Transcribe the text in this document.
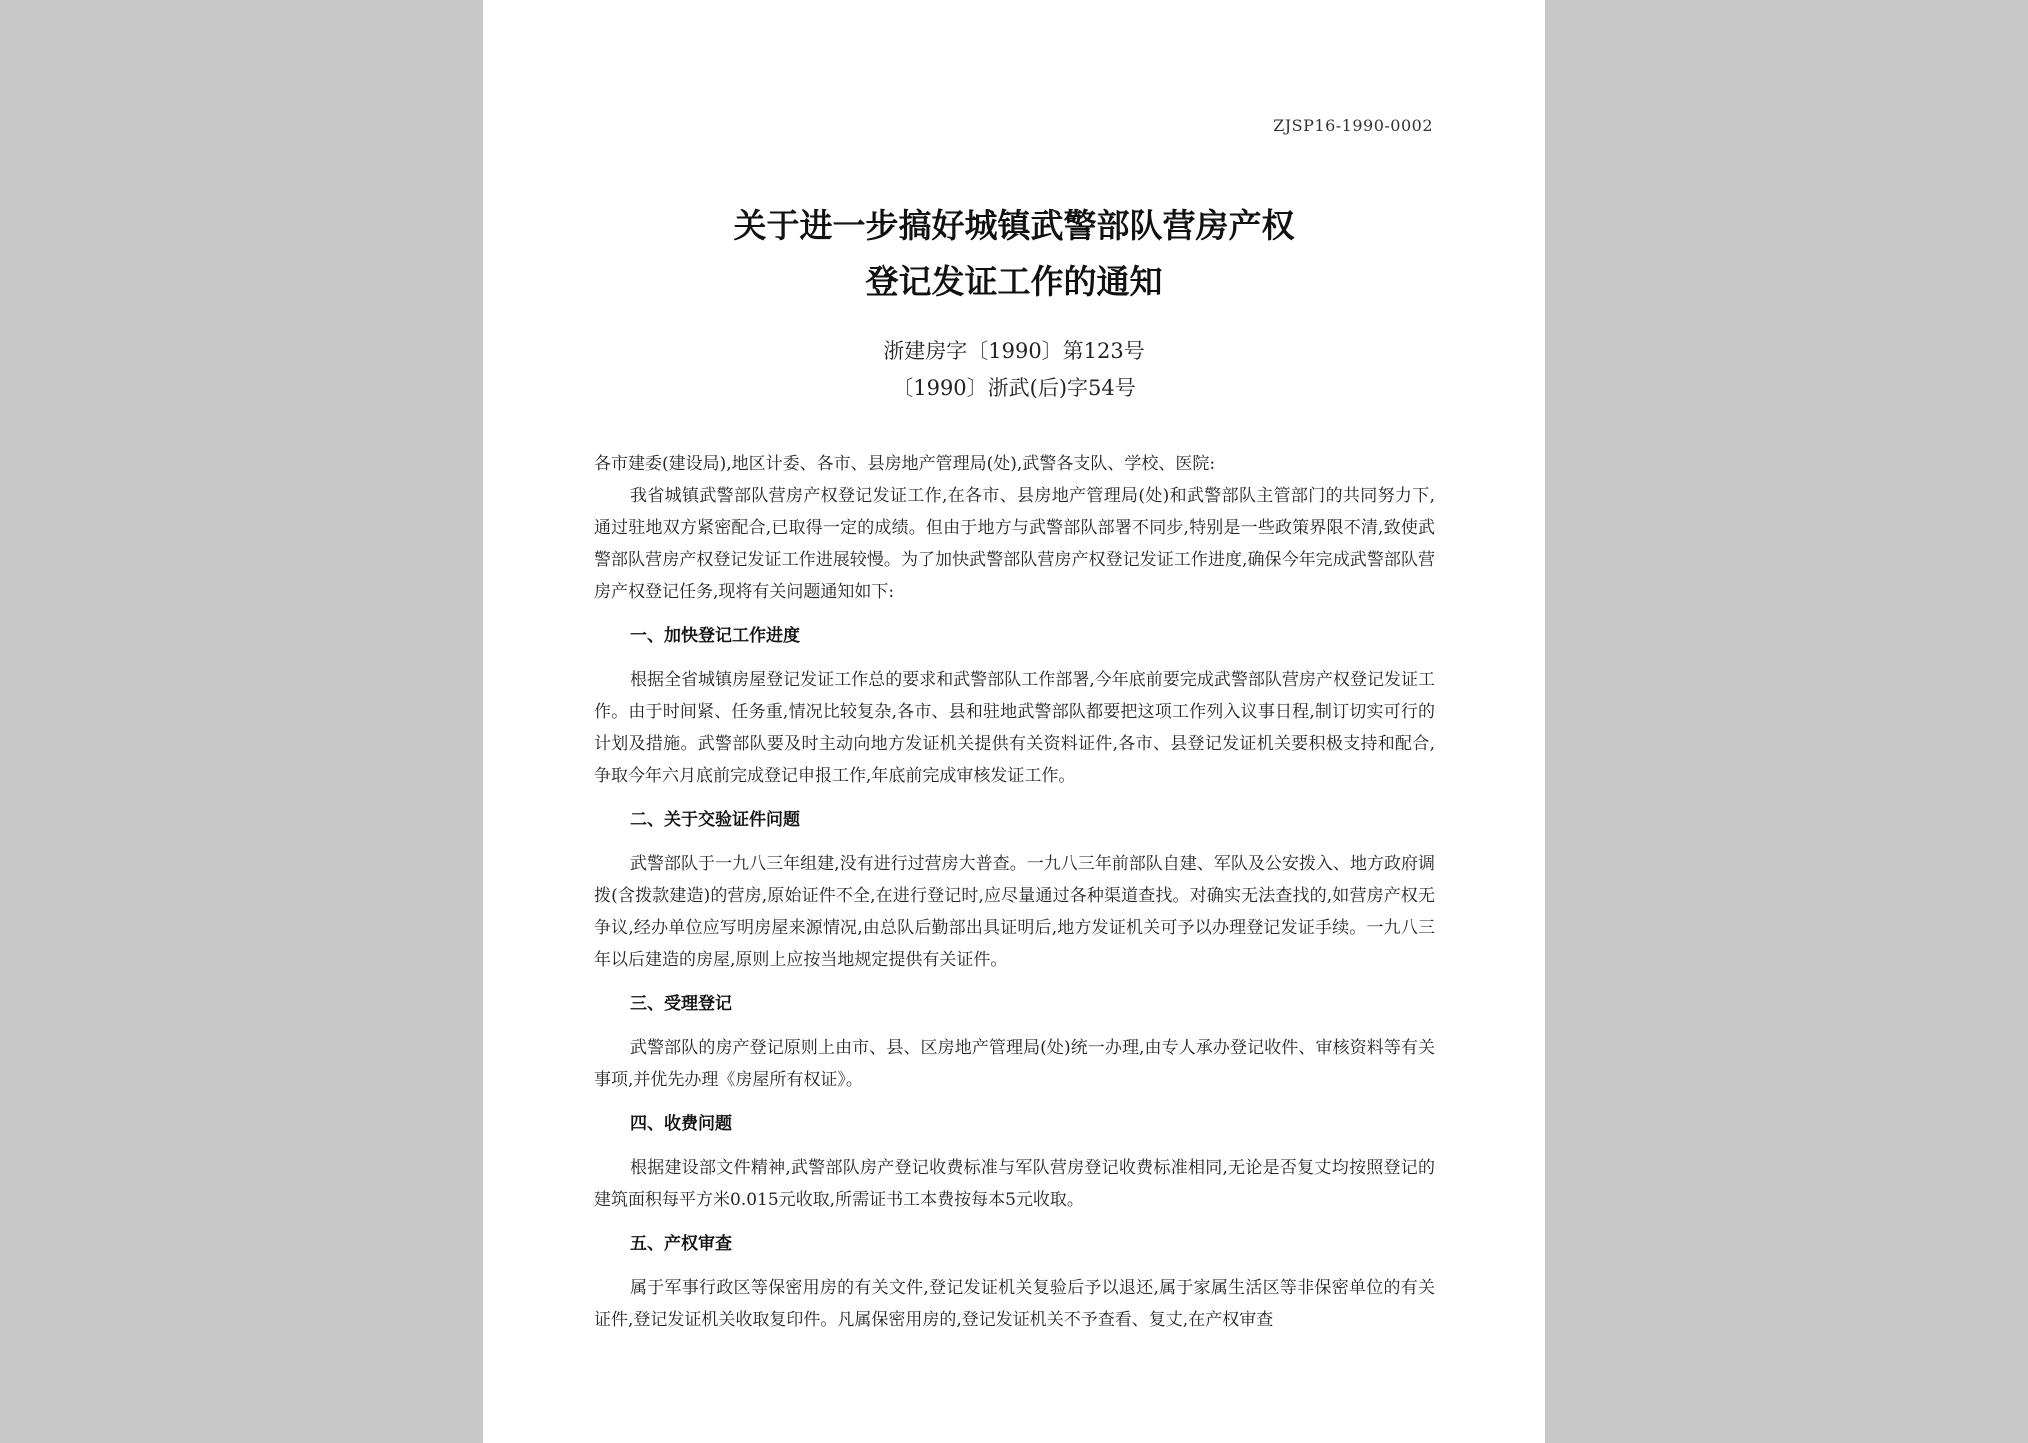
ZJSP16-1990-0002
关于进一步搞好城镇武警部队营房产权
登记发证工作的通知
浙建房字〔1990〕第123号
〔1990〕浙武(后)字54号

各市建委(建设局),地区计委、各市、县房地产管理局(处),武警各支队、学校、医院:

我省城镇武警部队营房产权登记发证工作,在各市、县房地产管理局(处)和武警部队主管部门的共同努力下,通过驻地双方紧密配合,已取得一定的成绩。但由于地方与武警部队部署不同步,特别是一些政策界限不清,致使武警部队营房产权登记发证工作进展较慢。为了加快武警部队营房产权登记发证工作进度,确保今年完成武警部队营房产权登记任务,现将有关问题通知如下:

一、加快登记工作进度

根据全省城镇房屋登记发证工作总的要求和武警部队工作部署,今年底前要完成武警部队营房产权登记发证工作。由于时间紧、任务重,情况比较复杂,各市、县和驻地武警部队都要把这项工作列入议事日程,制订切实可行的计划及措施。武警部队要及时主动向地方发证机关提供有关资料证件,各市、县登记发证机关要积极支持和配合,争取今年六月底前完成登记申报工作,年底前完成审核发证工作。

二、关于交验证件问题

武警部队于一九八三年组建,没有进行过营房大普查。一九八三年前部队自建、军队及公安拨入、地方政府调拨(含拨款建造)的营房,原始证件不全,在进行登记时,应尽量通过各种渠道查找。对确实无法查找的,如营房产权无争议,经办单位应写明房屋来源情况,由总队后勤部出具证明后,地方发证机关可予以办理登记发证手续。一九八三年以后建造的房屋,原则上应按当地规定提供有关证件。

三、受理登记

武警部队的房产登记原则上由市、县、区房地产管理局(处)统一办理,由专人承办登记收件、审核资料等有关事项,并优先办理《房屋所有权证》。

四、收费问题

根据建设部文件精神,武警部队房产登记收费标准与军队营房登记收费标准相同,无论是否复丈均按照登记的建筑面积每平方米0.015元收取,所需证书工本费按每本5元收取。

五、产权审查

属于军事行政区等保密用房的有关文件,登记发证机关复验后予以退还,属于家属生活区等非保密单位的有关证件,登记发证机关收取复印件。凡属保密用房的,登记发证机关不予查看、复丈,在产权审查
